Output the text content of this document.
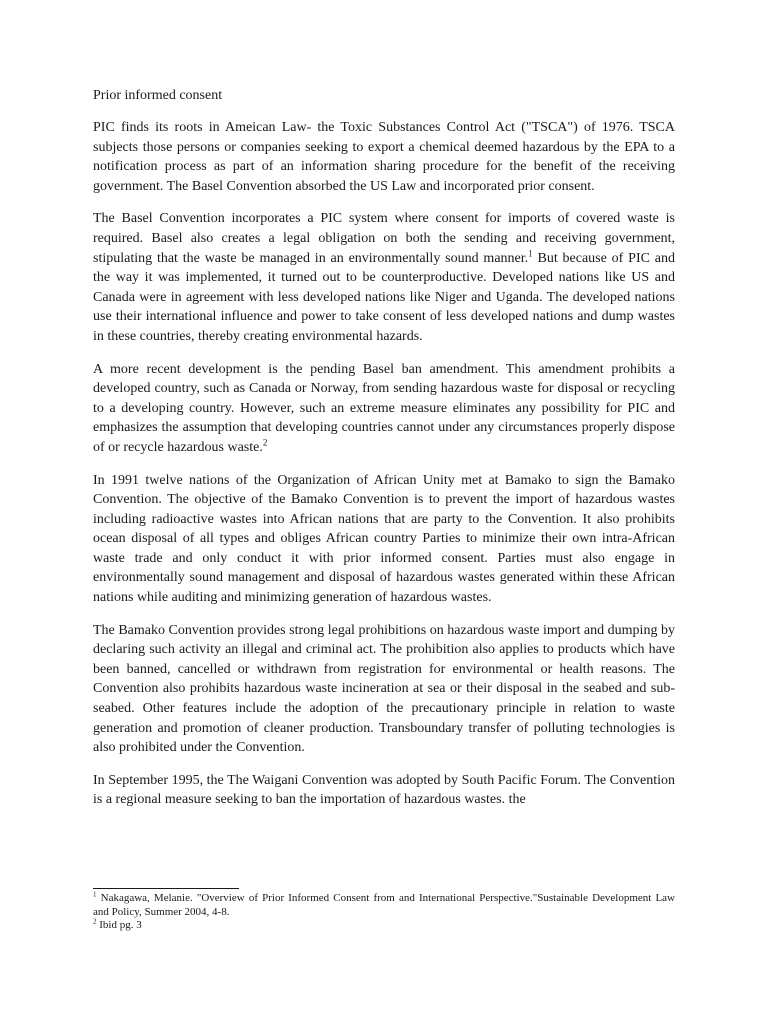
Prior informed consent

PIC finds its roots in Ameican Law- the Toxic Substances Control Act ("TSCA") of 1976. TSCA subjects those persons or companies seeking to export a chemical deemed hazardous by the EPA to a notification process as part of an information sharing procedure for the benefit of the receiving government. The Basel Convention absorbed the US Law and incorporated prior consent.

The Basel Convention incorporates a PIC system where consent for imports of covered waste is required. Basel also creates a legal obligation on both the sending and receiving government, stipulating that the waste be managed in an environmentally sound manner.$^1$ But because of PIC and the way it was implemented, it turned out to be counterproductive. Developed nations like US and Canada were in agreement with less developed nations like Niger and Uganda. The developed nations use their international influence and power to take consent of less developed nations and dump wastes in these countries, thereby creating environmental hazards.

A more recent development is the pending Basel ban amendment. This amendment prohibits a developed country, such as Canada or Norway, from sending hazardous waste for disposal or recycling to a developing country. However, such an extreme measure eliminates any possibility for PIC and emphasizes the assumption that developing countries cannot under any circumstances properly dispose of or recycle hazardous waste.$^2$

In 1991 twelve nations of the Organization of African Unity met at Bamako to sign the Bamako Convention. The objective of the Bamako Convention is to prevent the import of hazardous wastes including radioactive wastes into African nations that are party to the Convention. It also prohibits ocean disposal of all types and obliges African country Parties to minimize their own intra-African waste trade and only conduct it with prior informed consent. Parties must also engage in environmentally sound management and disposal of hazardous wastes generated within these African nations while auditing and minimizing generation of hazardous wastes.

The Bamako Convention provides strong legal prohibitions on hazardous waste import and dumping by declaring such activity an illegal and criminal act. The prohibition also applies to products which have been banned, cancelled or withdrawn from registration for environmental or health reasons. The Convention also prohibits hazardous waste incineration at sea or their disposal in the seabed and sub-seabed. Other features include the adoption of the precautionary principle in relation to waste generation and promotion of cleaner production. Transboundary transfer of polluting technologies is also prohibited under the Convention.

In September 1995, the The Waigani Convention was adopted by South Pacific Forum. The Convention is a regional measure seeking to ban the importation of hazardous wastes. the

$^1$ Nakagawa, Melanie. "Overview of Prior Informed Consent from and International Perspective."Sustainable Development Law and Policy, Summer 2004, 4-8.

$^2$ Ibid pg. 3
